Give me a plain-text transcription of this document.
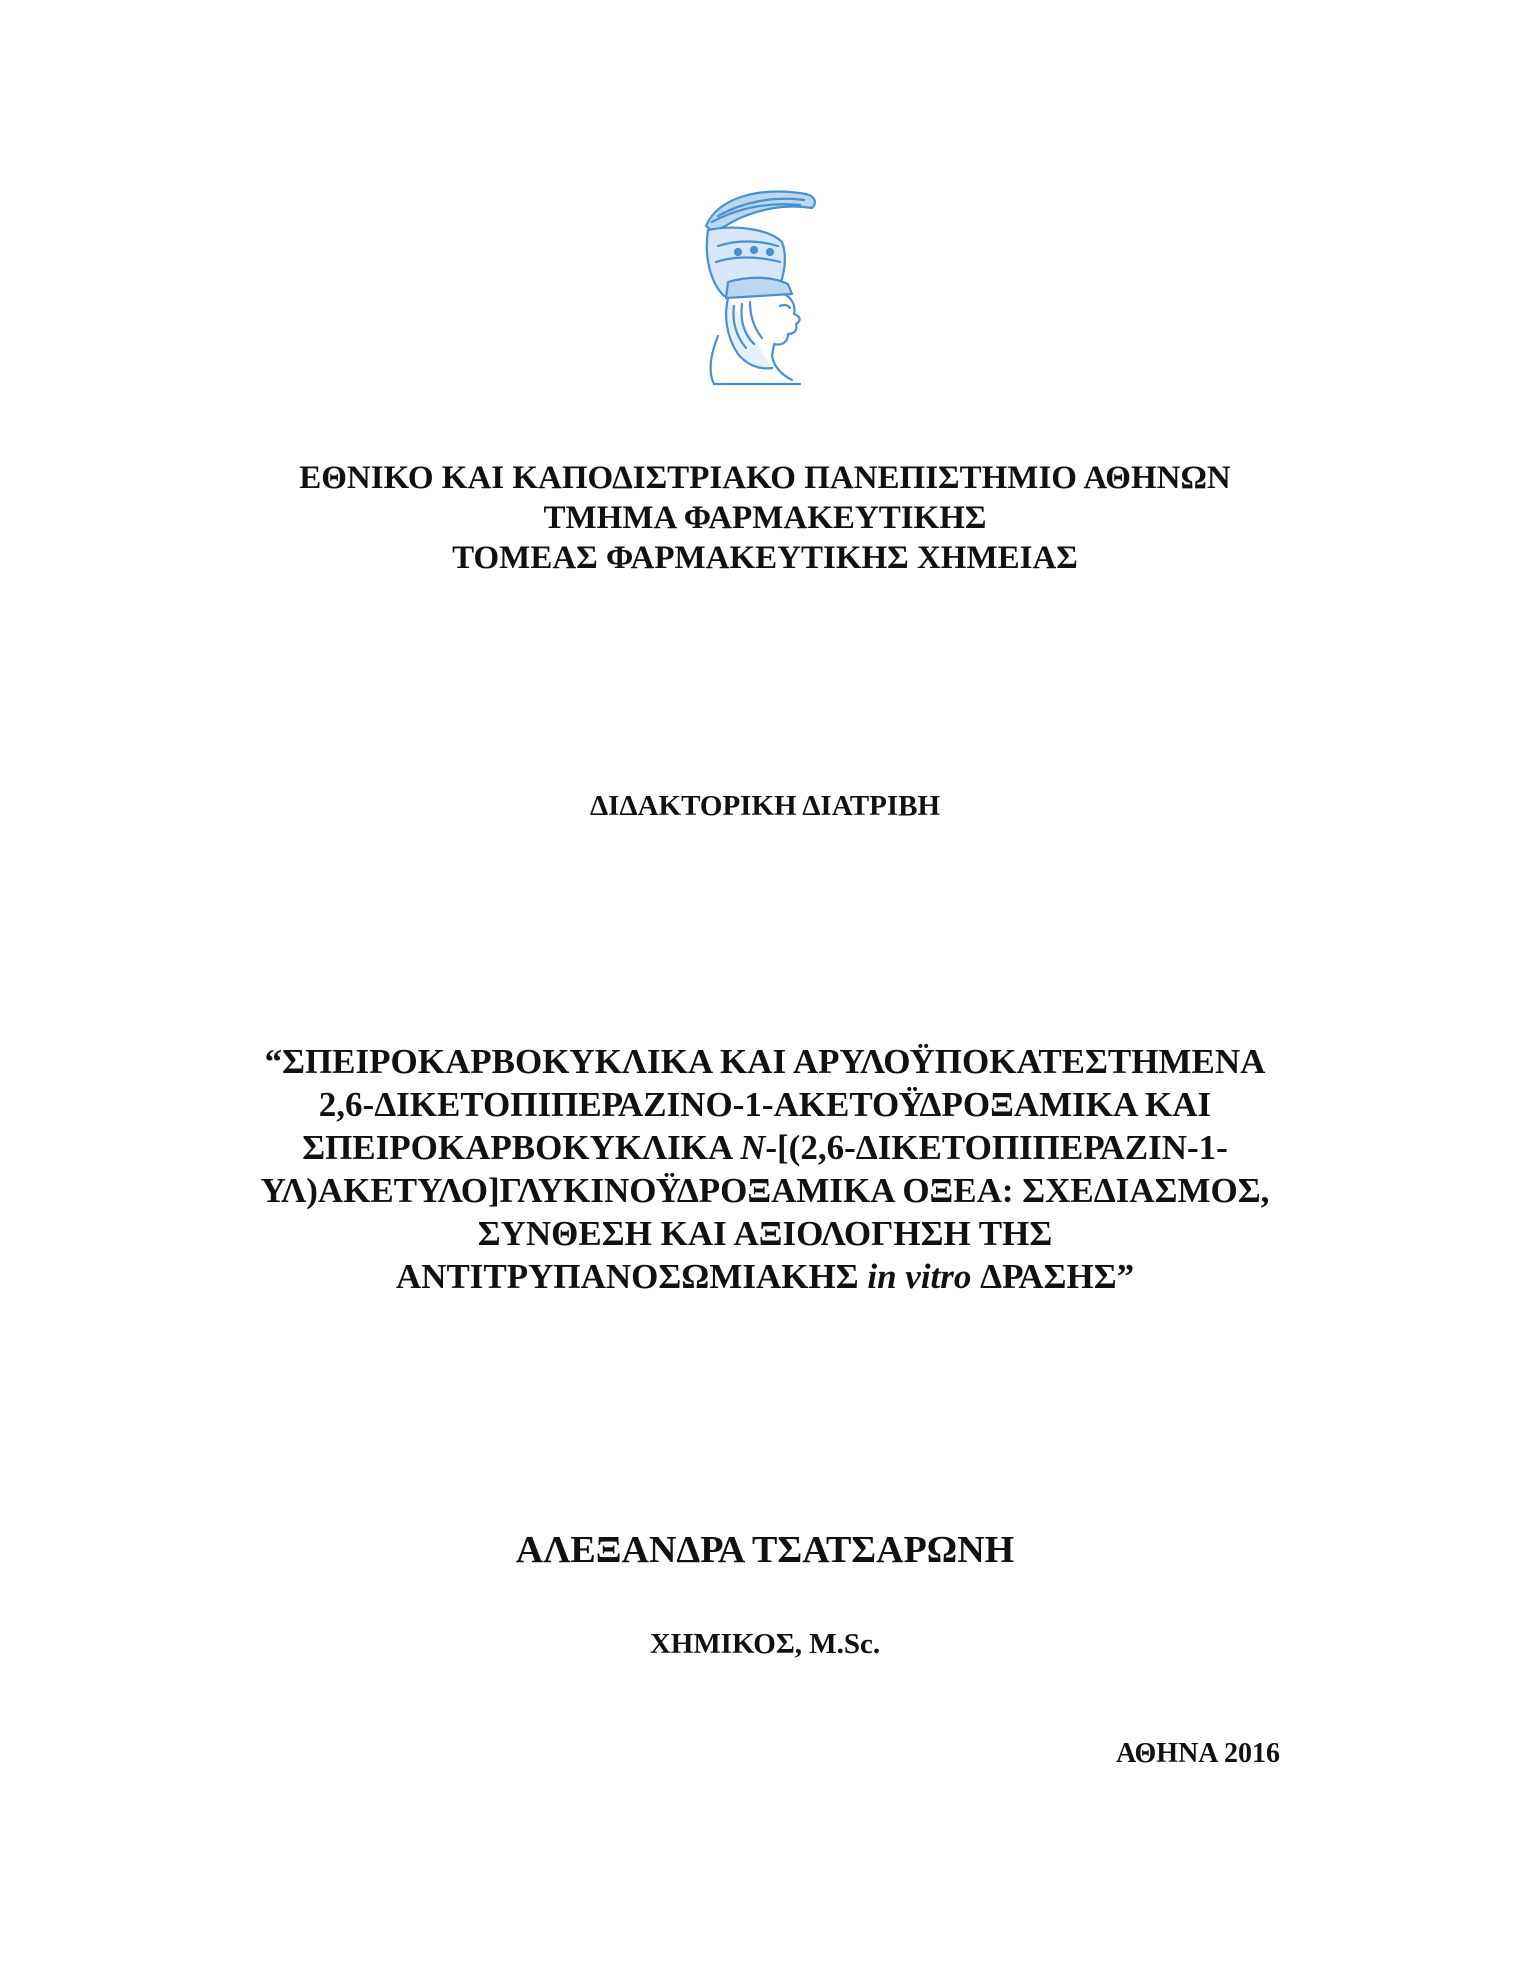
ΕΘΝΙΚΟ ΚΑΙ ΚΑΠΟΔΙΣΤΡΙΑΚΟ ΠΑΝΕΠΙΣΤΗΜΙΟ ΑΘΗΝΩΝ
ΤΜΗΜΑ ΦΑΡΜΑΚΕΥΤΙΚΗΣ
ΤΟΜΕΑΣ ΦΑΡΜΑΚΕΥΤΙΚΗΣ ΧΗΜΕΙΑΣ
ΔΙΔΑΚΤΟΡΙΚΗ ΔΙΑΤΡΙΒΗ
“ΣΠΕΙΡΟΚΑΡΒΟΚΥΚΛΙΚΑ ΚΑΙ ΑΡΥΛΟΫΠΟΚΑΤΕΣΤΗΜΕΝΑ
2,6-ΔΙΚΕΤΟΠΙΠΕΡΑΖΙΝΟ-1-ΑΚΕΤΟΫΔΡΟΞΑΜΙΚΑ ΚΑΙ
ΣΠΕΙΡΟΚΑΡΒΟΚΥΚΛΙΚΑ N-[(2,6-ΔΙΚΕΤΟΠΙΠΕΡΑΖΙΝ-1-
ΥΛ)ΑΚΕΤΥΛΟ]ΓΛΥΚΙΝΟΫΔΡΟΞΑΜΙΚΑ ΟΞΕΑ: ΣΧΕΔΙΑΣΜΟΣ,
ΣΥΝΘΕΣΗ ΚΑΙ ΑΞΙΟΛΟΓΗΣΗ ΤΗΣ
ΑΝΤΙΤΡΥΠΑΝΟΣΩΜΙΑΚΗΣ in vitro ΔΡΑΣΗΣ”
ΑΛΕΞΑΝΔΡΑ ΤΣΑΤΣΑΡΩΝΗ
ΧΗΜΙΚΟΣ, M.Sc.
ΑΘΗΝΑ 2016
